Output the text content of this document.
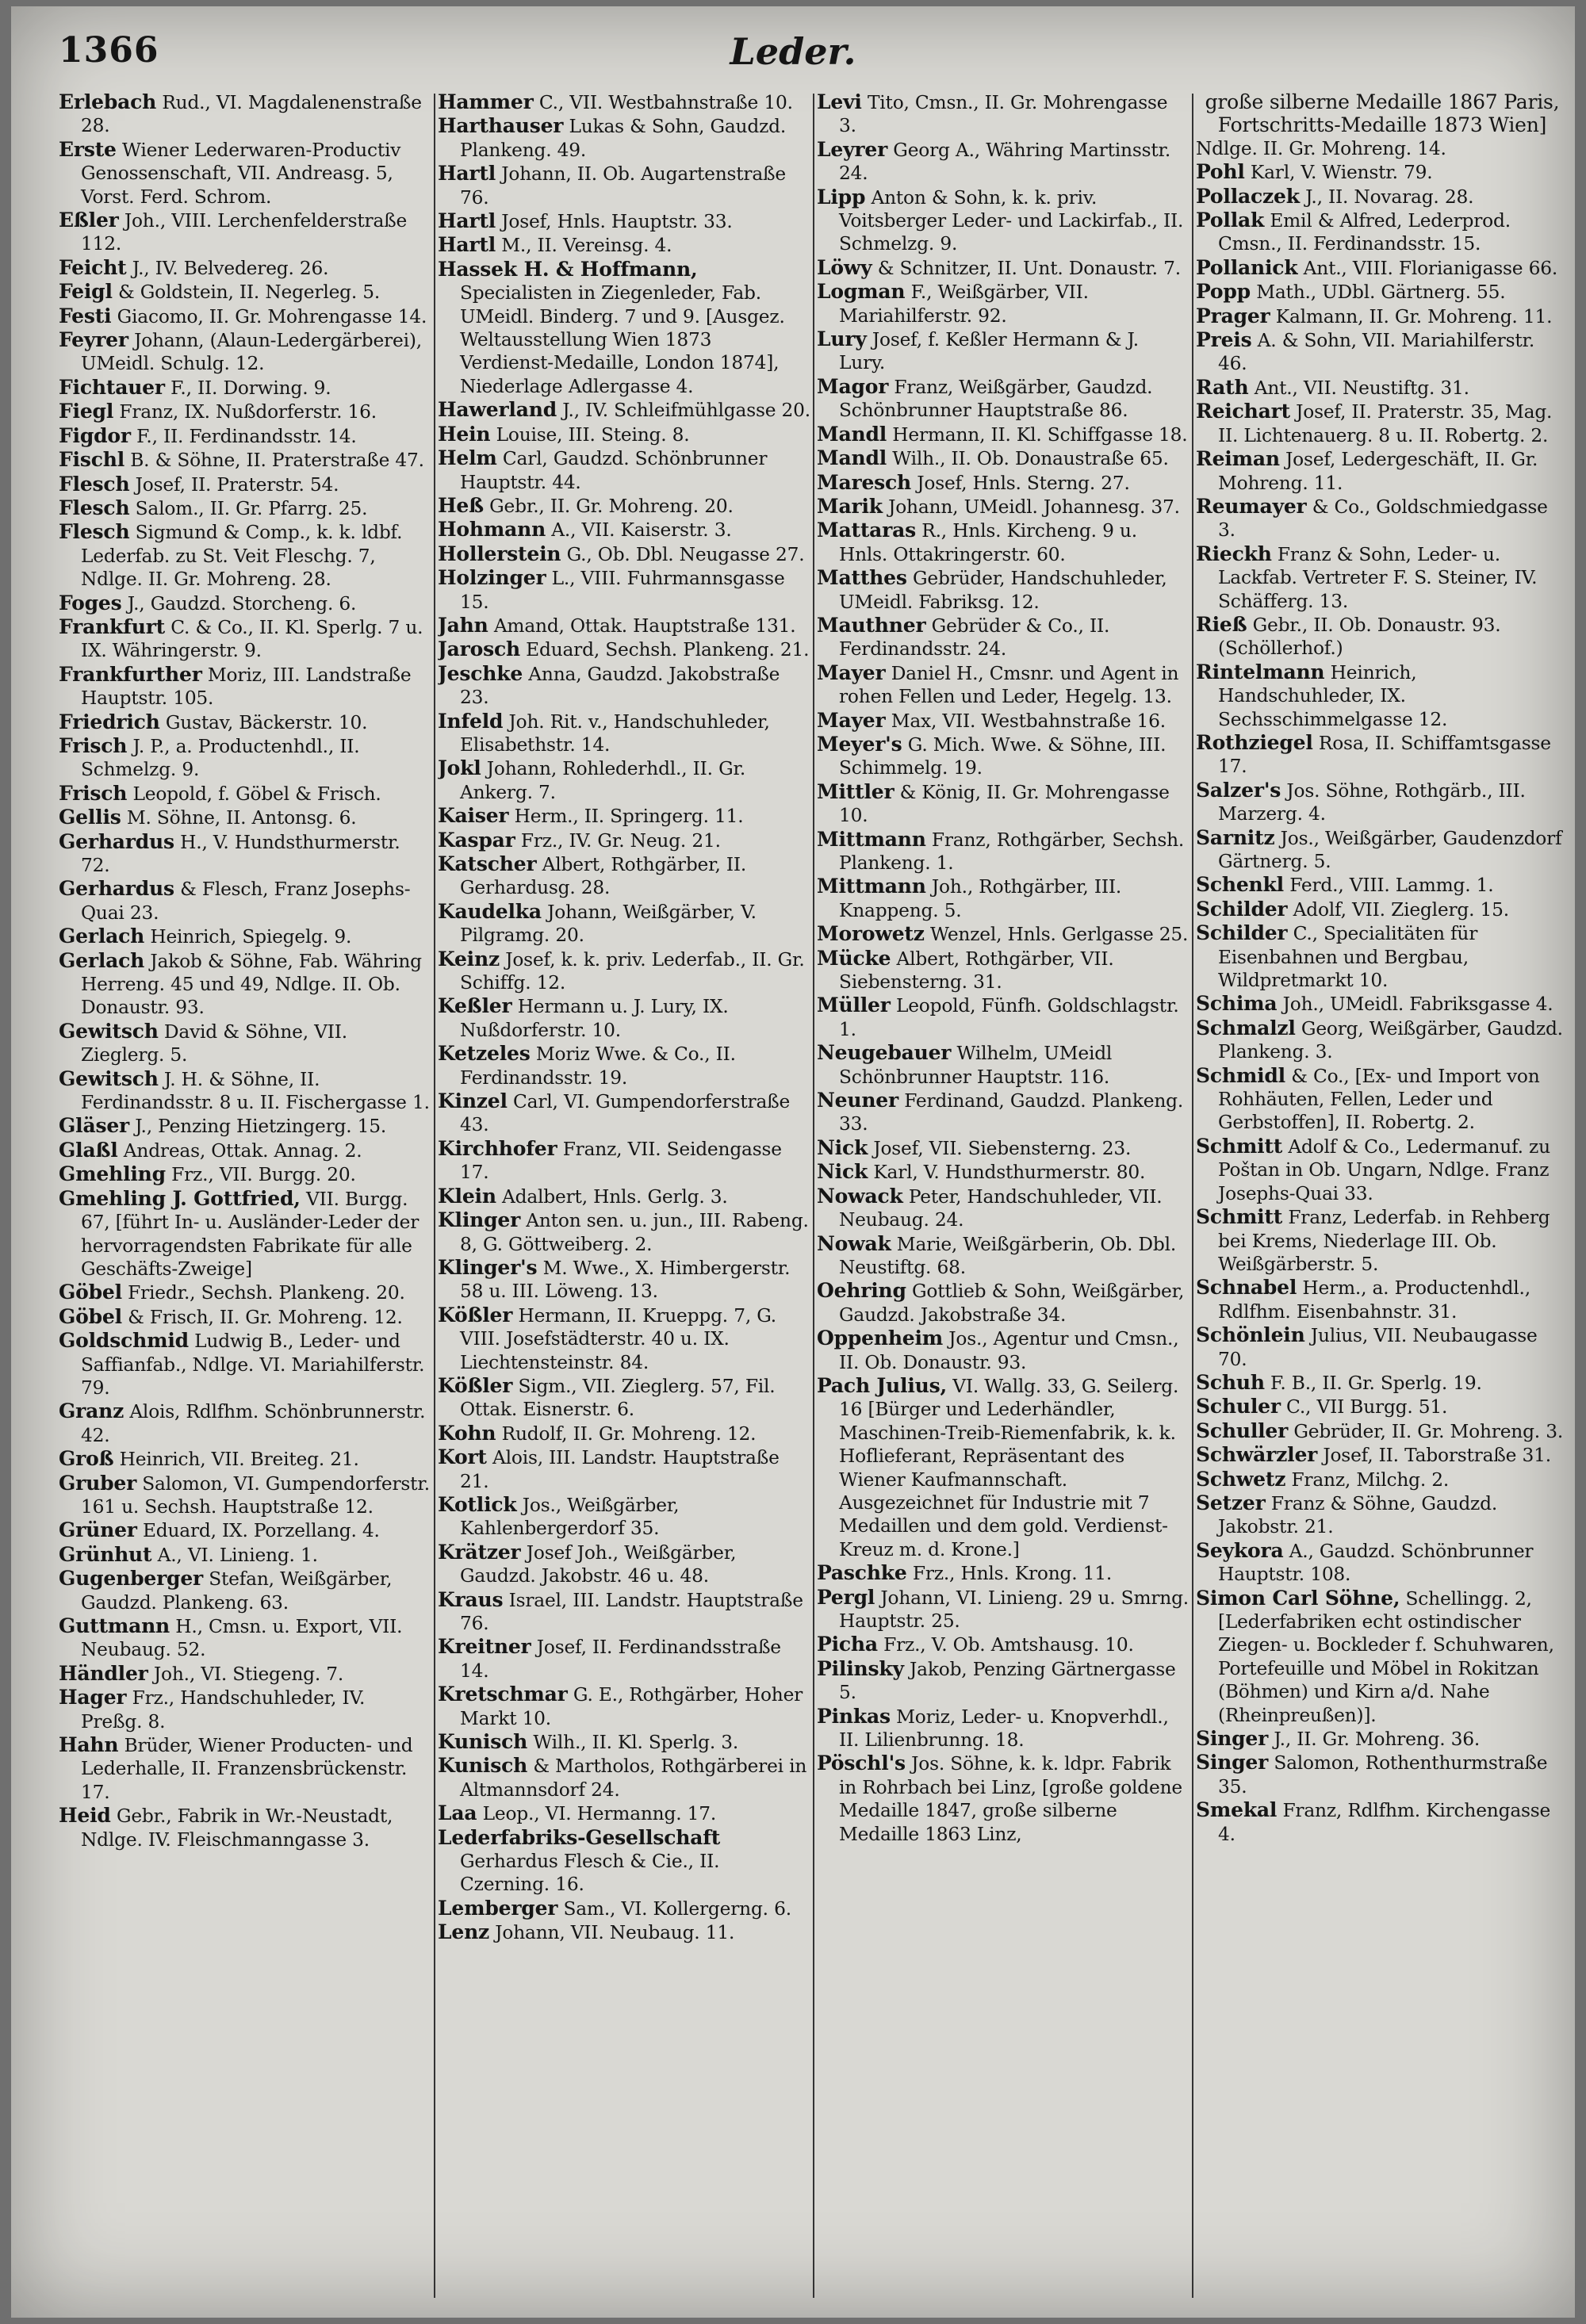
1366	Leder.

Erlebach Rud., VI. Magdalenenstraße 28.

Erste Wiener Lederwaren-Productiv Genossenschaft, VII. Andreasg. 5, Vorst. Ferd. Schrom.

Eßler Joh., VIII. Lerchenfelderstraße 112.

Feicht J., IV. Belvedereg. 26.

Feigl & Goldstein, II. Negerleg. 5.

Festi Giacomo, II. Gr. Mohrengasse 14.

Feyrer Johann, (Alaun-Ledergärberei), UMeidl. Schulg. 12.

Fichtauer F., II. Dorwing. 9.

Fiegl Franz, IX. Nußdorferstr. 16.

Figdor F., II. Ferdinandsstr. 14.

Fischl B. & Söhne, II. Praterstraße 47.

Flesch Josef, II. Praterstr. 54.

Flesch Salom., II. Gr. Pfarrg. 25.

Flesch Sigmund & Comp., k. k. ldbf. Lederfab. zu St. Veit Fleschg. 7, Ndlge. II. Gr. Mohreng. 28.

Foges J., Gaudzd. Storcheng. 6.

Frankfurt C. & Co., II. Kl. Sperlg. 7 u. IX. Währingerstr. 9.

Frankfurther Moriz, III. Landstraße Hauptstr. 105.

Friedrich Gustav, Bäckerstr. 10.

Frisch J. P., a. Productenhdl., II. Schmelzg. 9.

Frisch Leopold, f. Göbel & Frisch.

Gellis M. Söhne, II. Antonsg. 6.

Gerhardus H., V. Hundsthurmerstr. 72.

Gerhardus & Flesch, Franz Josephs-Quai 23.

Gerlach Heinrich, Spiegelg. 9.

Gerlach Jakob & Söhne, Fab. Währing Herreng. 45 und 49, Ndlge. II. Ob. Donaustr. 93.

Gewitsch David & Söhne, VII. Zieglerg. 5.

Gewitsch J. H. & Söhne, II. Ferdinandsstr. 8 u. II. Fischergasse 1.

Gläser J., Penzing Hietzingerg. 15.

Glaßl Andreas, Ottak. Annag. 2.

Gmehling Frz., VII. Burgg. 20.

Gmehling J. Gottfried, VII. Burgg. 67, [führt In- u. Ausländer-Leder der hervorragendsten Fabrikate für alle Geschäfts-Zweige]

Göbel Friedr., Sechsh. Plankeng. 20.

Göbel & Frisch, II. Gr. Mohreng. 12.

Goldschmid Ludwig B., Leder- und Saffianfab., Ndlge. VI. Mariahilferstr. 79.

Granz Alois, Rdlfhm. Schönbrunnerstr. 42.

Groß Heinrich, VII. Breiteg. 21.

Gruber Salomon, VI. Gumpendorferstr. 161 u. Sechsh. Hauptstraße 12.

Grüner Eduard, IX. Porzellang. 4.

Grünhut A., VI. Linieng. 1.

Gugenberger Stefan, Weißgärber, Gaudzd. Plankeng. 63.

Guttmann H., Cmsn. u. Export, VII. Neubaug. 52.

Händler Joh., VI. Stiegeng. 7.

Hager Frz., Handschuhleder, IV. Preßg. 8.

Hahn Brüder, Wiener Producten- und Lederhalle, II. Franzensbrückenstr. 17.

Heid Gebr., Fabrik in Wr.-Neustadt, Ndlge. IV. Fleischmanngasse 3.

Hammer C., VII. Westbahnstraße 10.

Harthauser Lukas & Sohn, Gaudzd. Plankeng. 49.

Hartl Johann, II. Ob. Augartenstraße 76.

Hartl Josef, Hnls. Hauptstr. 33.

Hartl M., II. Vereinsg. 4.

Hassek H. & Hoffmann, Specialisten in Ziegenleder, Fab. UMeidl. Binderg. 7 und 9. [Ausgez. Weltausstellung Wien 1873 Verdienst-Medaille, London 1874], Niederlage Adlergasse 4.

Hawerland J., IV. Schleifmühlgasse 20.

Hein Louise, III. Steing. 8.

Helm Carl, Gaudzd. Schönbrunner Hauptstr. 44.

Heß Gebr., II. Gr. Mohreng. 20.

Hohmann A., VII. Kaiserstr. 3.

Hollerstein G., Ob. Dbl. Neugasse 27.

Holzinger L., VIII. Fuhrmannsgasse 15.

Jahn Amand, Ottak. Hauptstraße 131.

Jarosch Eduard, Sechsh. Plankeng. 21.

Jeschke Anna, Gaudzd. Jakobstraße 23.

Infeld Joh. Rit. v., Handschuhleder, Elisabethstr. 14.

Jokl Johann, Rohlederhdl., II. Gr. Ankerg. 7.

Kaiser Herm., II. Springerg. 11.

Kaspar Frz., IV. Gr. Neug. 21.

Katscher Albert, Rothgärber, II. Gerhardusg. 28.

Kaudelka Johann, Weißgärber, V. Pilgramg. 20.

Keinz Josef, k. k. priv. Lederfab., II. Gr. Schiffg. 12.

Keßler Hermann u. J. Lury, IX. Nußdorferstr. 10.

Ketzeles Moriz Wwe. & Co., II. Ferdinandsstr. 19.

Kinzel Carl, VI. Gumpendorferstraße 43.

Kirchhofer Franz, VII. Seidengasse 17.

Klein Adalbert, Hnls. Gerlg. 3.

Klinger Anton sen. u. jun., III. Rabeng. 8, G. Göttweiberg. 2.

Klinger's M. Wwe., X. Himbergerstr. 58 u. III. Löweng. 13.

Kößler Hermann, II. Krueppg. 7, G. VIII. Josefstädterstr. 40 u. IX. Liechtensteinstr. 84.

Kößler Sigm., VII. Zieglerg. 57, Fil. Ottak. Eisnerstr. 6.

Kohn Rudolf, II. Gr. Mohreng. 12.

Kort Alois, III. Landstr. Hauptstraße 21.

Kotlick Jos., Weißgärber, Kahlenbergerdorf 35.

Krätzer Josef Joh., Weißgärber, Gaudzd. Jakobstr. 46 u. 48.

Kraus Israel, III. Landstr. Hauptstraße 76.

Kreitner Josef, II. Ferdinandsstraße 14.

Kretschmar G. E., Rothgärber, Hoher Markt 10.

Kunisch Wilh., II. Kl. Sperlg. 3.

Kunisch & Martholos, Rothgärberei in Altmannsdorf 24.

Laa Leop., VI. Hermanng. 17.

Lederfabriks-Gesellschaft Gerhardus Flesch & Cie., II. Czerning. 16.

Lemberger Sam., VI. Kollergerng. 6.

Lenz Johann, VII. Neubaug. 11.

Levi Tito, Cmsn., II. Gr. Mohrengasse 3.

Leyrer Georg A., Währing Martinsstr. 24.

Lipp Anton & Sohn, k. k. priv. Voitsberger Leder- und Lackirfab., II. Schmelzg. 9.

Löwy & Schnitzer, II. Unt. Donaustr. 7.

Logman F., Weißgärber, VII. Mariahilferstr. 92.

Lury Josef, f. Keßler Hermann & J. Lury.

Magor Franz, Weißgärber, Gaudzd. Schönbrunner Hauptstraße 86.

Mandl Hermann, II. Kl. Schiffgasse 18.

Mandl Wilh., II. Ob. Donaustraße 65.

Maresch Josef, Hnls. Sterng. 27.

Marik Johann, UMeidl. Johannesg. 37.

Mattaras R., Hnls. Kircheng. 9 u. Hnls. Ottakringerstr. 60.

Matthes Gebrüder, Handschuhleder, UMeidl. Fabriksg. 12.

Mauthner Gebrüder & Co., II. Ferdinandsstr. 24.

Mayer Daniel H., Cmsnr. und Agent in rohen Fellen und Leder, Hegelg. 13.

Mayer Max, VII. Westbahnstraße 16.

Meyer's G. Mich. Wwe. & Söhne, III. Schimmelg. 19.

Mittler & König, II. Gr. Mohrengasse 10.

Mittmann Franz, Rothgärber, Sechsh. Plankeng. 1.

Mittmann Joh., Rothgärber, III. Knappeng. 5.

Morowetz Wenzel, Hnls. Gerlgasse 25.

Mücke Albert, Rothgärber, VII. Siebensterng. 31.

Müller Leopold, Fünfh. Goldschlagstr. 1.

Neugebauer Wilhelm, UMeidl Schönbrunner Hauptstr. 116.

Neuner Ferdinand, Gaudzd. Plankeng. 33.

Nick Josef, VII. Siebensterng. 23.

Nick Karl, V. Hundsthurmerstr. 80.

Nowack Peter, Handschuhleder, VII. Neubaug. 24.

Nowak Marie, Weißgärberin, Ob. Dbl. Neustiftg. 68.

Oehring Gottlieb & Sohn, Weißgärber, Gaudzd. Jakobstraße 34.

Oppenheim Jos., Agentur und Cmsn., II. Ob. Donaustr. 93.

Pach Julius, VI. Wallg. 33, G. Seilerg. 16 [Bürger und Lederhändler, Maschinen-Treib-Riemenfabrik, k. k. Hoflieferant, Repräsentant des Wiener Kaufmannschaft. Ausgezeichnet für Industrie mit 7 Medaillen und dem gold. Verdienst-Kreuz m. d. Krone.]

Paschke Frz., Hnls. Krong. 11.

Pergl Johann, VI. Linieng. 29 u. Smrng. Hauptstr. 25.

Picha Frz., V. Ob. Amtshausg. 10.

Pilinsky Jakob, Penzing Gärtnergasse 5.

Pinkas Moriz, Leder- u. Knopverhdl., II. Lilienbrunng. 18.

Pöschl's Jos. Söhne, k. k. ldpr. Fabrik in Rohrbach bei Linz, [große goldene Medaille 1847, große silberne Medaille 1863 Linz,

große silberne Medaille 1867 Paris,

Fortschritts-Medaille 1873 Wien]

Ndlge. II. Gr. Mohreng. 14.

Pohl Karl, V. Wienstr. 79.

Pollaczek J., II. Novarag. 28.

Pollak Emil & Alfred, Lederprod. Cmsn., II. Ferdinandsstr. 15.

Pollanick Ant., VIII. Florianigasse 66.

Popp Math., UDbl. Gärtnerg. 55.

Prager Kalmann, II. Gr. Mohreng. 11.

Preis A. & Sohn, VII. Mariahilferstr. 46.

Rath Ant., VII. Neustiftg. 31.

Reichart Josef, II. Praterstr. 35, Mag. II. Lichtenauerg. 8 u. II. Robertg. 2.

Reiman Josef, Ledergeschäft, II. Gr. Mohreng. 11.

Reumayer & Co., Goldschmiedgasse 3.

Rieckh Franz & Sohn, Leder- u. Lackfab. Vertreter F. S. Steiner, IV. Schäfferg. 13.

Rieß Gebr., II. Ob. Donaustr. 93. (Schöllerhof.)

Rintelmann Heinrich, Handschuhleder, IX. Sechsschimmelgasse 12.

Rothziegel Rosa, II. Schiffamtsgasse 17.

Salzer's Jos. Söhne, Rothgärb., III. Marzerg. 4.

Sarnitz Jos., Weißgärber, Gaudenzdorf Gärtnerg. 5.

Schenkl Ferd., VIII. Lammg. 1.

Schilder Adolf, VII. Zieglerg. 15.

Schilder C., Specialitäten für Eisenbahnen und Bergbau, Wildpretmarkt 10.

Schima Joh., UMeidl. Fabriksgasse 4.

Schmalzl Georg, Weißgärber, Gaudzd. Plankeng. 3.

Schmidl & Co., [Ex- und Import von Rohhäuten, Fellen, Leder und Gerbstoffen], II. Robertg. 2.

Schmitt Adolf & Co., Ledermanuf. zu Poštan in Ob. Ungarn, Ndlge. Franz Josephs-Quai 33.

Schmitt Franz, Lederfab. in Rehberg bei Krems, Niederlage III. Ob. Weißgärberstr. 5.

Schnabel Herm., a. Productenhdl., Rdlfhm. Eisenbahnstr. 31.

Schönlein Julius, VII. Neubaugasse 70.

Schuh F. B., II. Gr. Sperlg. 19.

Schuler C., VII Burgg. 51.

Schuller Gebrüder, II. Gr. Mohreng. 3.

Schwärzler Josef, II. Taborstraße 31.

Schwetz Franz, Milchg. 2.

Setzer Franz & Söhne, Gaudzd. Jakobstr. 21.

Seykora A., Gaudzd. Schönbrunner Hauptstr. 108.

Simon Carl Söhne, Schellingg. 2, [Lederfabriken echt ostindischer Ziegen- u. Bockleder f. Schuhwaren, Portefeuille und Möbel in Rokitzan (Böhmen) und Kirn a/d. Nahe (Rheinpreußen)].

Singer J., II. Gr. Mohreng. 36.

Singer Salomon, Rothenthurmstraße 35.

Smekal Franz, Rdlfhm. Kirchengasse 4.
